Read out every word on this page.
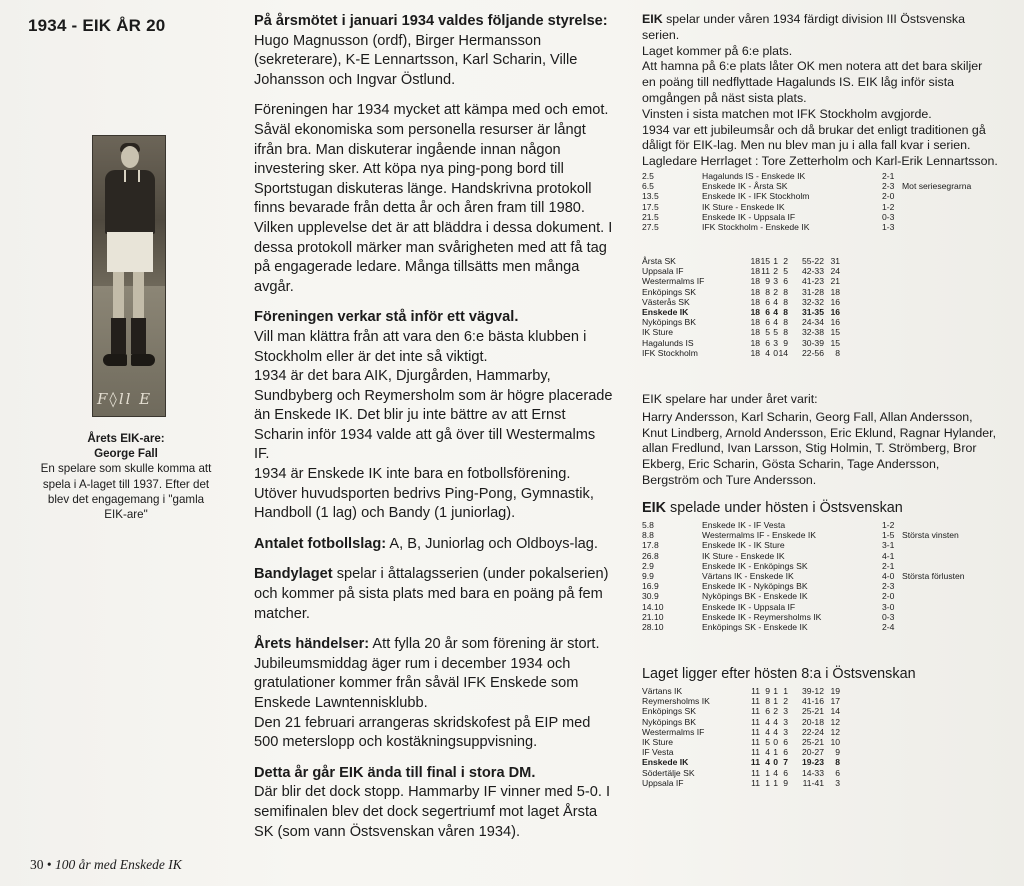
1934 - EIK ÅR 20
F◊ll E
Årets EIK-are:
George Fall
En spelare som skulle komma att spela i A-laget till 1937. Efter det blev det engagemang i "gamla EIK-are"
30 • 100 år med Enskede IK

På årsmötet i januari 1934 valdes följande styrelse:

Hugo Magnusson (ordf), Birger Hermansson (sekreterare), K-E Lennartsson, Karl Scharin, Ville Johansson och Ingvar Östlund.

Föreningen har 1934 mycket att kämpa med och emot. Såväl ekonomiska som personella resurser är långt ifrån bra. Man diskuterar ingående innan någon investering sker. Att köpa nya ping-pong bord till Sportstugan diskuteras länge. Handskrivna protokoll finns bevarade från detta år och åren fram till 1980. Vilken upplevelse det är att bläddra i dessa dokument. I dessa protokoll märker man svårigheten med att få tag på engagerade ledare. Många tillsätts men många avgår.

Föreningen verkar stå inför ett vägval.

Vill man klättra från att vara den 6:e bästa klubben i Stockholm eller är det inte så viktigt.

1934 är det bara AIK, Djurgården, Hammarby, Sundbyberg och Reymersholm som är högre placerade än Enskede IK. Det blir ju inte bättre av att Ernst Scharin inför 1934 valde att gå över till Westermalms IF.

1934 är Enskede IK inte bara en fotbollsförening. Utöver huvudsporten bedrivs Ping-Pong, Gymnastik, Handboll (1 lag) och Bandy (1 juniorlag).

Antalet fotbollslag: A, B, Juniorlag och Oldboys-lag.

Bandylaget spelar i åttalagsserien (under pokalserien) och kommer på sista plats med bara en poäng på fem matcher.

Årets händelser: Att fylla 20 år som förening är stort. Jubileumsmiddag äger rum i december 1934 och gratulationer kommer från såväl IFK Enskede som Enskede Lawntennisklubb.

Den 21 februari arrangeras skridskofest på EIP med 500 meterslopp och kostäkningsuppvisning.

Detta år går EIK ända till final i stora DM.

Där blir det dock stopp. Hammarby IF vinner med 5-0. I semifinalen blev det dock segertriumf mot laget Årsta SK (som vann Östsvenskan våren 1934).

EIK spelar under våren 1934 färdigt division III Östsvenska serien.

Laget kommer på 6:e plats.

Att hamna på 6:e plats låter OK men notera att det bara skiljer en poäng till nedflyttade Hagalunds IS. EIK låg inför sista omgången på näst sista plats.

Vinsten i sista matchen mot IFK Stockholm avgjorde.

1934 var ett jubileumsår och då brukar det enligt traditionen gå dåligt för EIK-lag. Men nu blev man ju i alla fall kvar i serien.

Lagledare Herrlaget : Tore Zetterholm och Karl-Erik Lennartsson.

2.5	Hagalunds IS - Enskede IK	2-1	
6.5	Enskede IK - Årsta SK	2-3	Mot seriesegrarna
13.5	Enskede IK - IFK Stockholm	2-0	
17.5	IK Sture - Enskede IK	1-2	
21.5	Enskede IK - Uppsala IF	0-3	
27.5	IFK Stockholm - Enskede IK	1-3	
Årsta SK	18	15	1	2	55-22	31
Uppsala IF	18	11	2	5	42-33	24
Westermalms IF	18	9	3	6	41-23	21
Enköpings SK	18	8	2	8	31-28	18
Västerås SK	18	6	4	8	32-32	16
Enskede IK	18	6	4	8	31-35	16
Nyköpings BK	18	6	4	8	24-34	16
IK Sture	18	5	5	8	32-38	15
Hagalunds IS	18	6	3	9	30-39	15
IFK Stockholm	18	4	0	14	22-56	8

EIK spelare har under året varit:

Harry Andersson, Karl Scharin, Georg Fall, Allan Andersson, Knut Lindberg, Arnold Andersson, Eric Eklund, Ragnar Hylander, allan Fredlund, Ivan Larsson, Stig Holmin, T. Strömberg, Bror Ekberg, Eric Scharin, Gösta Scharin, Tage Andersson, Bergström och Ture Andersson.

EIK spelade under hösten i Östsvenskan
5.8	Enskede IK - IF Vesta	1-2	
8.8	Westermalms IF - Enskede IK	1-5	Största vinsten
17.8	Enskede IK - IK Sture	3-1	
26.8	IK Sture - Enskede IK	4-1	
2.9	Enskede IK - Enköpings SK	2-1	
9.9	Värtans IK - Enskede IK	4-0	Största förlusten
16.9	Enskede IK - Nyköpings BK	2-3	
30.9	Nyköpings BK - Enskede IK	2-0	
14.10	Enskede IK - Uppsala IF	3-0	
21.10	Enskede IK - Reymersholms IK	0-3	
28.10	Enköpings SK - Enskede IK	2-4	
Laget ligger efter hösten 8:a i Östsvenskan
Värtans IK	11	9	1	1	39-12	19
Reymersholms IK	11	8	1	2	41-16	17
Enköpings SK	11	6	2	3	25-21	14
Nyköpings BK	11	4	4	3	20-18	12
Westermalms IF	11	4	4	3	22-24	12
IK Sture	11	5	0	6	25-21	10
IF Vesta	11	4	1	6	20-27	9
Enskede IK	11	4	0	7	19-23	8
Södertälje SK	11	1	4	6	14-33	6
Uppsala IF	11	1	1	9	11-41	3
